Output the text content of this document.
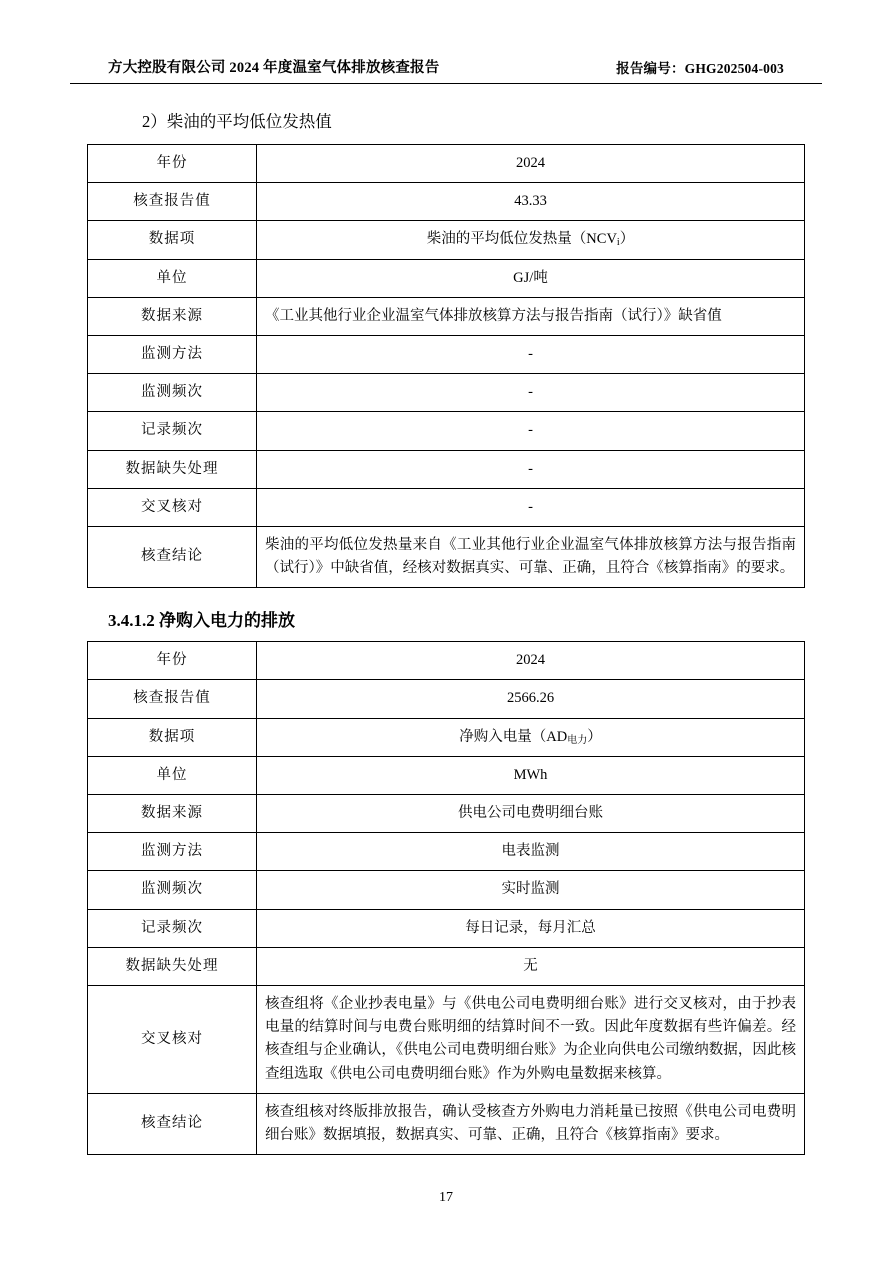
方大控股有限公司 2024 年度温室气体排放核查报告	报告编号：GHG202504-003
2）柴油的平均低位发热值
年份	2024
核查报告值	43.33
数据项	柴油的平均低位发热量（NCVi）
单位	GJ/吨
数据来源	《工业其他行业企业温室气体排放核算方法与报告指南（试行）》缺省值
监测方法	-
监测频次	-
记录频次	-
数据缺失处理	-
交叉核对	-
核查结论	柴油的平均低位发热量来自《工业其他行业企业温室气体排放核算方法与报告指南（试行）》中缺省值，经核对数据真实、可靠、正确，且符合《核算指南》的要求。
3.4.1.2 净购入电力的排放
年份	2024
核查报告值	2566.26
数据项	净购入电量（AD电力）
单位	MWh
数据来源	供电公司电费明细台账
监测方法	电表监测
监测频次	实时监测
记录频次	每日记录，每月汇总
数据缺失处理	无
交叉核对	核查组将《企业抄表电量》与《供电公司电费明细台账》进行交叉核对，由于抄表电量的结算时间与电费台账明细的结算时间不一致。因此年度数据有些许偏差。经核查组与企业确认，《供电公司电费明细台账》为企业向供电公司缴纳数据，因此核查组选取《供电公司电费明细台账》作为外购电量数据来核算。
核查结论	核查组核对终版排放报告，确认受核查方外购电力消耗量已按照《供电公司电费明细台账》数据填报，数据真实、可靠、正确，且符合《核算指南》要求。
17
